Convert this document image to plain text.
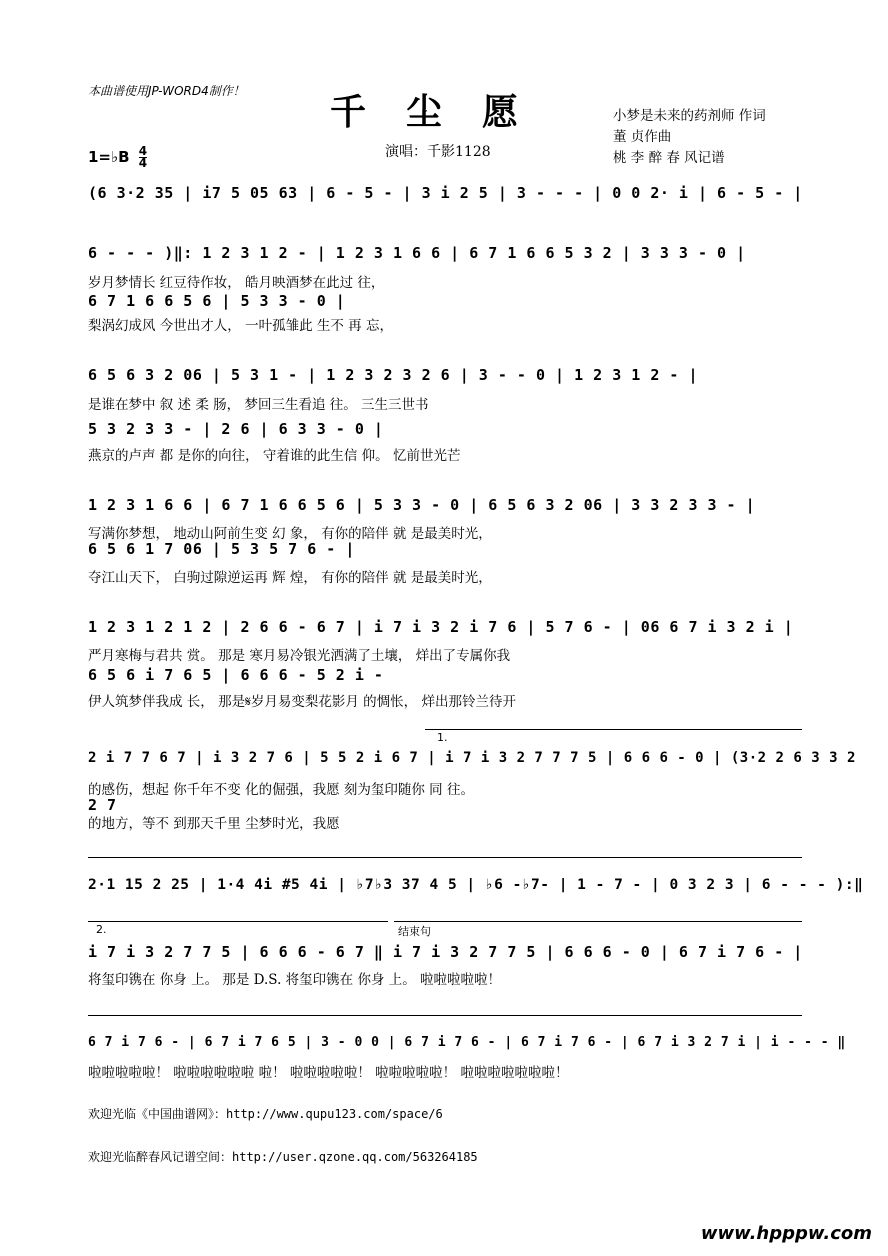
本曲谱使用JP-WORD4制作！ 千尘愿	小梦是未来的药剂师 作词
董 贞作曲
桃 李 醉 春 风记谱
1=♭B $\frac{4}{4}$	演唱：千影1128
(6 3·2 35 | i7 5 05 63 | 6 - 5 - | 3 i 2 5 | 3 - - - | 0 0 2· i | 6 - 5 - |
6 - - - )‖: 1 2 3 1 2 - | 1 2 3 1 6 6 | 6 7 1 6 6 5 3 2 | 3 3 3 - 0 |
岁月梦情长 红豆待作妆， 皓月映酒梦在此过 往，
6 7 1 6 6 5 6 | 5 3 3 - 0 |
梨涡幻成风 今世出才人， 一叶孤雏此 生不 再 忘，
6 5 6 3 2 06 | 5 3 1 - | 1 2 3 2 3 2 6 | 3 - - 0 | 1 2 3 1 2 - |
是谁在梦中 叙 述 柔 肠， 梦回三生看追 往。 三生三世书
5 3 2 3 3 - | 2 6 | 6 3 3 - 0 |
燕京的卢声 都 是你的向往， 守着谁的此生信 仰。 忆前世光芒
1 2 3 1 6 6 | 6 7 1 6 6 5 6 | 5 3 3 - 0 | 6 5 6 3 2 06 | 3 3 2 3 3 - |
写满你梦想， 地动山阿前生变 幻 象， 有你的陪伴 就 是最美时光，
6 5 6 1 7 06 | 5 3 5 7 6 - |
夺江山天下， 白驹过隙逆运再 辉 煌， 有你的陪伴 就 是最美时光，
1 2 3 1 2 1 2 | 2 6 6 - 6 7 | i 7 i 3 2 i 7 6 | 5 7 6 - | 06 6 7 i 3 2 i |
严月寒梅与君共 赏。 那是 寒月易冷银光洒满了土壤， 烊出了专属你我
6 5 6 i 7 6 5 | 6 6 6 - 5 2 i -
伊人筑梦伴我成 长， 那是𝄋岁月易变梨花影月 的惆怅， 烊出那铃兰待开
2 i 7 7 6 7 | i 3 2 7 6 | 5 5 2 i 6 7 | i 7 i 3 2 7 7 7 5 | 6 6 6 - 0 | (3·2 2 6 3 3 2
的感伤，想起 你千年不变 化的倔强，我愿 刻为玺印随你 同 往。
2 7
的地方，等不 到那天千里 尘梦时光，我愿
2·1 15 2 25 | 1·4 4i #5 4i | ♭7♭3 37 4 5 | ♭6 -♭7- | 1 - 7 - | 0 3 2 3 | 6 - - - ):‖
i 7 i 3 2 7 7 5 | 6 6 6 - 6 7 ‖ i 7 i 3 2 7 7 5 | 6 6 6 - 0 | 6 7 i 7 6 - |
将玺印镌在 你身 上。 那是 D.S. 将玺印镌在 你身 上。 啦啦啦啦啦！
6 7 i 7 6 - | 6 7 i 7 6 5 | 3 - 0 0 | 6 7 i 7 6 - | 6 7 i 7 6 - | 6 7 i 3 2 7 i | i - - - ‖
啦啦啦啦啦！ 啦啦啦啦啦啦 啦！ 啦啦啦啦啦！ 啦啦啦啦啦！ 啦啦啦啦啦啦啦！
1.
2.	结束句
欢迎光临《中国曲谱网》：http://www.qupu123.com/space/6
欢迎光临醉春风记谱空间：http://user.qzone.qq.com/563264185
www.hpppw.com
